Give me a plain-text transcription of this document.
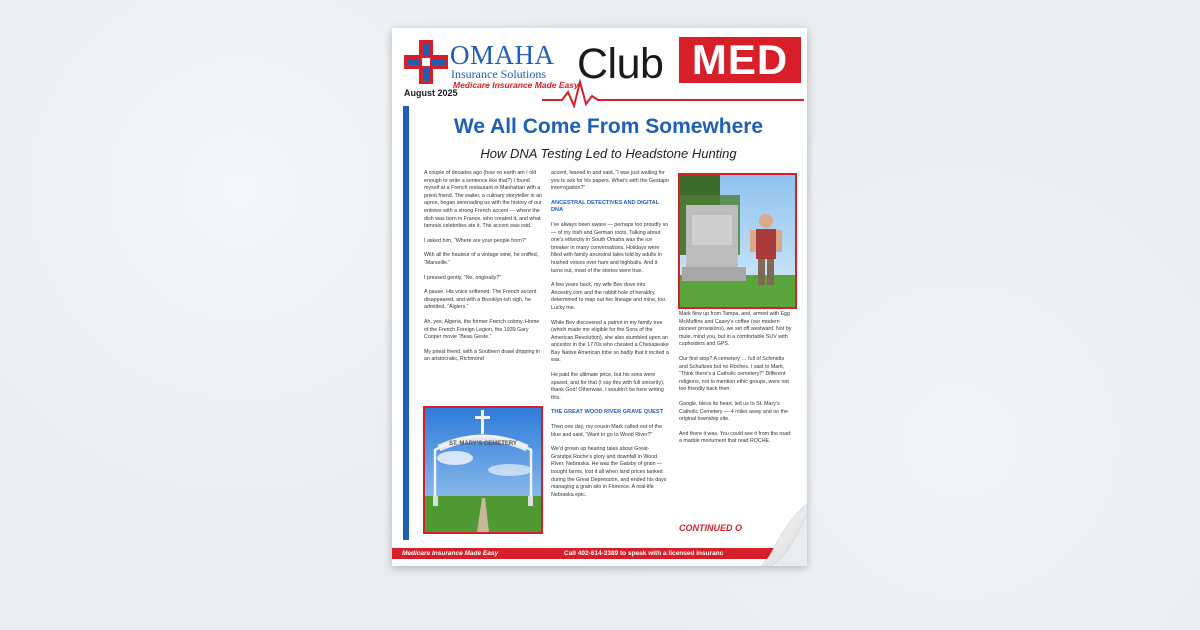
OMAHA
Insurance Solutions
Medicare Insurance Made Easy
Club MED
August 2025
We All Come From Somewhere
How DNA Testing Led to Headstone Hunting

A couple of decades ago (how on earth am I old enough to write a sentence like that?) I found myself at a French restaurant in Manhattan with a priest friend. The waiter, a culinary storyteller in an apron, began serenading us with the history of our entrées with a strong French accent — where the dish was born in France, who created it, and what famous celebrities ate it. The accent was odd.

I asked him, “Where are your people from?”

With all the hauteur of a vintage wine, he sniffed, “Marseille.”

I pressed gently, “No, originally?”

A pause. His voice softened. The French accent disappeared, and with a Brooklyn-ish sigh, he admitted, “Algiers.”

Ah, yes, Algeria, the former French colony. Home of the French Foreign Legion, the 1939 Gary Cooper movie “Beau Geste.”

My priest friend, with a Southern drawl dripping in an aristocratic, Richmond

ST. MARY'S CEMETERY

accent, leaned in and said, “I was just waiting for you to ask for his papers. What’s with the Gestapo interrogation?”

ANCESTRAL DETECTIVES AND DIGITAL DNA

I’ve always been aware — perhaps too proudly so — of my Irish and German roots. Talking about one’s ethnicity in South Omaha was the ice breaker in many conversations. Holidays were filled with family ancestral tales told by adults in hushed voices over ham and highballs. And it turns out, most of the stories were true.

A few years back, my wife Bev dove into Ancestry.com and the rabbit hole of heraldry, determined to map out her lineage and mine, too. Lucky me.

While Bev discovered a patriot in my family tree (which made me eligible for the Sons of the American Revolution), she also stumbled upon an ancestor in the 1770s who cheated a Chesapeake Bay Native American tribe so badly that it incited a war.

He paid the ultimate price, but his sons were spared, and for that (I say this with full sincerity), thank God! Otherwise, I wouldn’t be here writing this.

THE GREAT WOOD RIVER GRAVE QUEST

Then one day, my cousin Mark called out of the blue and said, “Want to go to Wood River?”

We’d grown up hearing tales about Great-Grandpa Roche’s glory and downfall in Wood River, Nebraska. He was the Gatsby of grain — bought farms, lost it all when land prices tanked during the Great Depression, and ended his days managing a grain silo in Florence. A real-life Nebraska epic.

Mark flew up from Tampa, and, armed with Egg McMuffins and Casey’s coffee (our modern pioneer provisions), we set off westward. Not by mule, mind you, but in a comfortable SUV with cupholders and GPS.

Our first stop? A cemetery … full of Schmidts and Schultzes but no Roches. I said to Mark, “Think there’s a Catholic cemetery?” Different religions, not to mention ethic groups, were not too friendly back then.

Google, bless its heart, led us to St. Mary’s Catholic Cemetery — 4 miles away and on the original township site.

And there it was. You could see it from the road: a marble monument that read ROCHE.

CONTINUED O
Medicare Insurance Made Easy	Call 402-614-3389 to speak with a licensed insuranc
